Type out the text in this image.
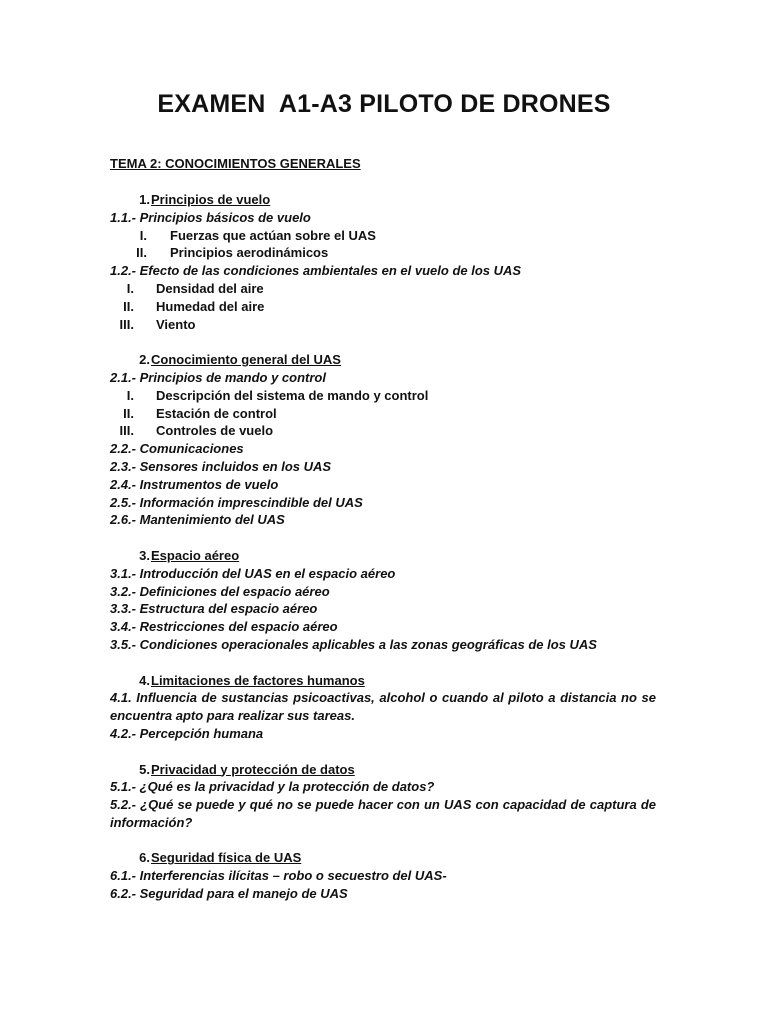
EXAMEN  A1-A3 PILOTO DE DRONES
TEMA 2: CONOCIMIENTOS GENERALES
1. Principios de vuelo
1.1.- Principios básicos de vuelo
I. Fuerzas que actúan sobre el UAS
II. Principios aerodinámicos
1.2.- Efecto de las condiciones ambientales en el vuelo de los UAS
I. Densidad del aire
II. Humedad del aire
III. Viento
2. Conocimiento general del UAS
2.1.- Principios de mando y control
I. Descripción del sistema de mando y control
II. Estación de control
III. Controles de vuelo
2.2.- Comunicaciones
2.3.- Sensores incluidos en los UAS
2.4.- Instrumentos de vuelo
2.5.- Información imprescindible del UAS
2.6.- Mantenimiento del UAS
3. Espacio aéreo
3.1.- Introducción del UAS en el espacio aéreo
3.2.- Definiciones del espacio aéreo
3.3.- Estructura del espacio aéreo
3.4.- Restricciones del espacio aéreo
3.5.- Condiciones operacionales aplicables a las zonas geográficas de los UAS
4. Limitaciones de factores humanos
4.1. Influencia de sustancias psicoactivas, alcohol o cuando al piloto a distancia no se encuentra apto para realizar sus tareas.
4.2.- Percepción humana
5. Privacidad y protección de datos
5.1.- ¿Qué es la privacidad y la protección de datos?
5.2.- ¿Qué se puede y qué no se puede hacer con un UAS con capacidad de captura de información?
6. Seguridad física de UAS
6.1.- Interferencias ilícitas – robo o secuestro del UAS-
6.2.- Seguridad para el manejo de UAS
